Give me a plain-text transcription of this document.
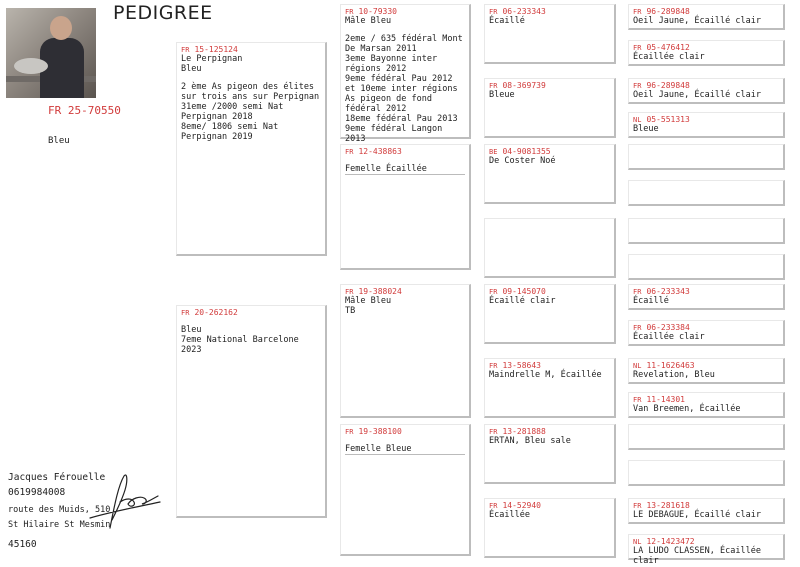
PEDIGREE
FR 25-70550
Bleu
FR 15-125124
Le Perpignan
Bleu
2 ème As pigeon des élites sur trois ans sur Perpignan
31eme /2000 semi Nat Perpignan 2018
8eme/ 1806 semi Nat Perpignan 2019
FR 20-262162
Bleu
7eme National Barcelone 2023
FR 10-79330
Mâle Bleu
2eme / 635 fédéral Mont De Marsan 2011
3eme Bayonne inter régions 2012
9eme fédéral Pau 2012 et 10eme inter régions
As pigeon de fond fédéral 2012
18eme fédéral Pau 2013
9eme fédéral Langon 2013
FR 12-438863
Femelle Écaillée
FR 19-388024
Mâle Bleu
TB
FR 19-388100
Femelle Bleue
FR 06-233343
Écaillé
FR 08-369739
Bleue
BE 04-9081355
De Coster Noé
FR 09-145070
Écaillé clair
FR 13-58643
Maindrelle M, Écaillée
FR 13-281888
ERTAN, Bleu sale
FR 14-52940
Écaillée
FR 96-289848
Oeil Jaune, Écaillé clair
FR 05-476412
Écaillée clair
FR 96-289848
Oeil Jaune, Écaillé clair
NL 05-551313
Bleue
FR 06-233343
Écaillé
FR 06-233384
Écaillée clair
NL 11-1626463
Revelation, Bleu
FR 11-14301
Van Breemen, Écaillée
FR 13-281618
LE DEBAGUE, Écaillé clair
NL 12-1423472
LA LUDO CLASSEN, Écaillée clair
Jacques Férouelle
0619984008
route des Muids, 510
St Hilaire St Mesmin
45160
